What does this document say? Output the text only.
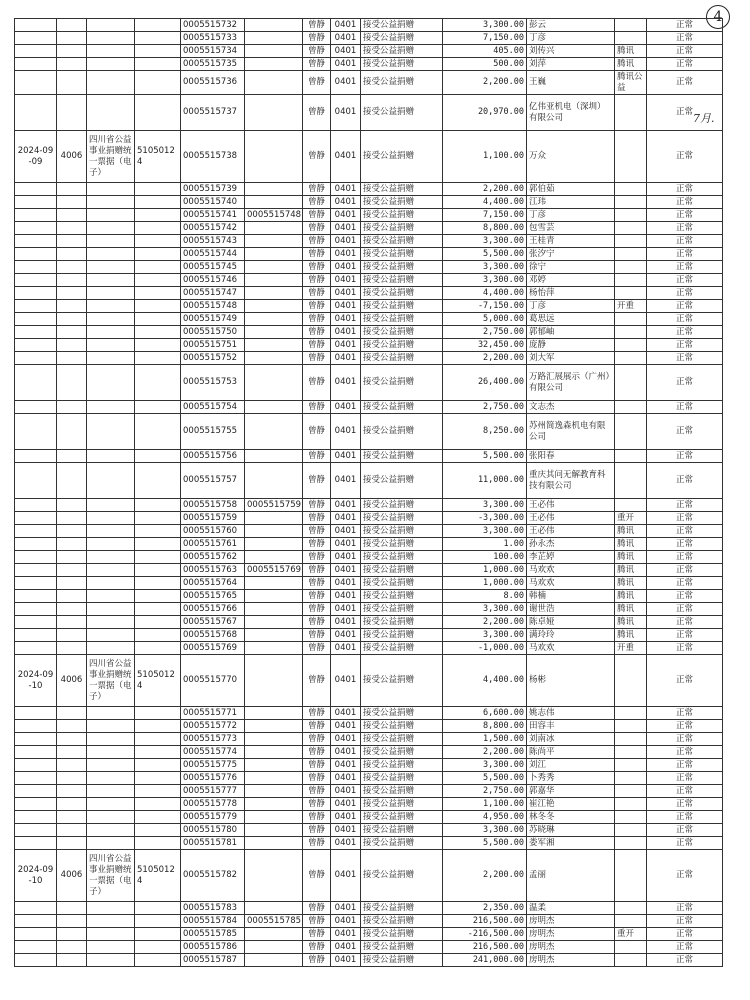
4
7月.
				0005515732		曾静	0401	接受公益捐赠	3,300.00	彭云		正常
				0005515733		曾静	0401	接受公益捐赠	7,150.00	丁彦		正常
				0005515734		曾静	0401	接受公益捐赠	405.00	刘传兴	腾讯	正常
				0005515735		曾静	0401	接受公益捐赠	500.00	刘萍	腾讯	正常
				0005515736		曾静	0401	接受公益捐赠	2,200.00	王巍	腾讯公益	正常
				0005515737		曾静	0401	接受公益捐赠	20,970.00	亿伟亚机电（深圳）有限公司		正常
2024-09-09	4006	四川省公益事业捐赠统一票据（电子）	51050124	0005515738		曾静	0401	接受公益捐赠	1,100.00	万众		正常
				0005515739		曾静	0401	接受公益捐赠	2,200.00	郭伯茹		正常
				0005515740		曾静	0401	接受公益捐赠	4,400.00	江玮		正常
				0005515741	0005515748	曾静	0401	接受公益捐赠	7,150.00	丁彦		正常
				0005515742		曾静	0401	接受公益捐赠	8,800.00	包雪芸		正常
				0005515743		曾静	0401	接受公益捐赠	3,300.00	王桂青		正常
				0005515744		曾静	0401	接受公益捐赠	5,500.00	张汐宁		正常
				0005515745		曾静	0401	接受公益捐赠	3,300.00	徐宁		正常
				0005515746		曾静	0401	接受公益捐赠	3,300.00	邓婷		正常
				0005515747		曾静	0401	接受公益捐赠	4,400.00	杨怡萍		正常
				0005515748		曾静	0401	接受公益捐赠	-7,150.00	丁彦	开重	正常
				0005515749		曾静	0401	接受公益捐赠	5,000.00	葛思远		正常
				0005515750		曾静	0401	接受公益捐赠	2,750.00	郭郁岫		正常
				0005515751		曾静	0401	接受公益捐赠	32,450.00	庞静		正常
				0005515752		曾静	0401	接受公益捐赠	2,200.00	刘大军		正常
				0005515753		曾静	0401	接受公益捐赠	26,400.00	万路汇展展示（广州）有限公司		正常
				0005515754		曾静	0401	接受公益捐赠	2,750.00	文志杰		正常
				0005515755		曾静	0401	接受公益捐赠	8,250.00	苏州简逸森机电有限公司		正常
				0005515756		曾静	0401	接受公益捐赠	5,500.00	张阳春		正常
				0005515757		曾静	0401	接受公益捐赠	11,000.00	重庆其问无解教育科技有限公司		正常
				0005515758	0005515759	曾静	0401	接受公益捐赠	3,300.00	王必伟		正常
				0005515759		曾静	0401	接受公益捐赠	-3,300.00	王必伟	重开	正常
				0005515760		曾静	0401	接受公益捐赠	3,300.00	王必伟	腾讯	正常
				0005515761		曾静	0401	接受公益捐赠	1.00	孙永杰	腾讯	正常
				0005515762		曾静	0401	接受公益捐赠	100.00	李芷婷	腾讯	正常
				0005515763	0005515769	曾静	0401	接受公益捐赠	1,000.00	马欢欢	腾讯	正常
				0005515764		曾静	0401	接受公益捐赠	1,000.00	马欢欢	腾讯	正常
				0005515765		曾静	0401	接受公益捐赠	8.00	韩楠	腾讯	正常
				0005515766		曾静	0401	接受公益捐赠	3,300.00	谢世浩	腾讯	正常
				0005515767		曾静	0401	接受公益捐赠	2,200.00	陈卓娅	腾讯	正常
				0005515768		曾静	0401	接受公益捐赠	3,300.00	满玲玲	腾讯	正常
				0005515769		曾静	0401	接受公益捐赠	-1,000.00	马欢欢	开重	正常
2024-09-10	4006	四川省公益事业捐赠统一票据（电子）	51050124	0005515770		曾静	0401	接受公益捐赠	4,400.00	杨彬		正常
				0005515771		曾静	0401	接受公益捐赠	6,600.00	姚志伟		正常
				0005515772		曾静	0401	接受公益捐赠	8,800.00	田容丰		正常
				0005515773		曾静	0401	接受公益捐赠	1,500.00	刘南冰		正常
				0005515774		曾静	0401	接受公益捐赠	2,200.00	陈尚平		正常
				0005515775		曾静	0401	接受公益捐赠	3,300.00	刘江		正常
				0005515776		曾静	0401	接受公益捐赠	5,500.00	卜秀秀		正常
				0005515777		曾静	0401	接受公益捐赠	2,750.00	郭嘉华		正常
				0005515778		曾静	0401	接受公益捐赠	1,100.00	崔江艳		正常
				0005515779		曾静	0401	接受公益捐赠	4,950.00	林冬冬		正常
				0005515780		曾静	0401	接受公益捐赠	3,300.00	苏晓琳		正常
				0005515781		曾静	0401	接受公益捐赠	5,500.00	娄军湘		正常
2024-09-10	4006	四川省公益事业捐赠统一票据（电子）	51050124	0005515782		曾静	0401	接受公益捐赠	2,200.00	孟丽		正常
				0005515783		曾静	0401	接受公益捐赠	2,350.00	温柔		正常
				0005515784	0005515785	曾静	0401	接受公益捐赠	216,500.00	房明杰		正常
				0005515785		曾静	0401	接受公益捐赠	-216,500.00	房明杰	重开	正常
				0005515786		曾静	0401	接受公益捐赠	216,500.00	房明杰		正常
				0005515787		曾静	0401	接受公益捐赠	241,000.00	房明杰		正常
